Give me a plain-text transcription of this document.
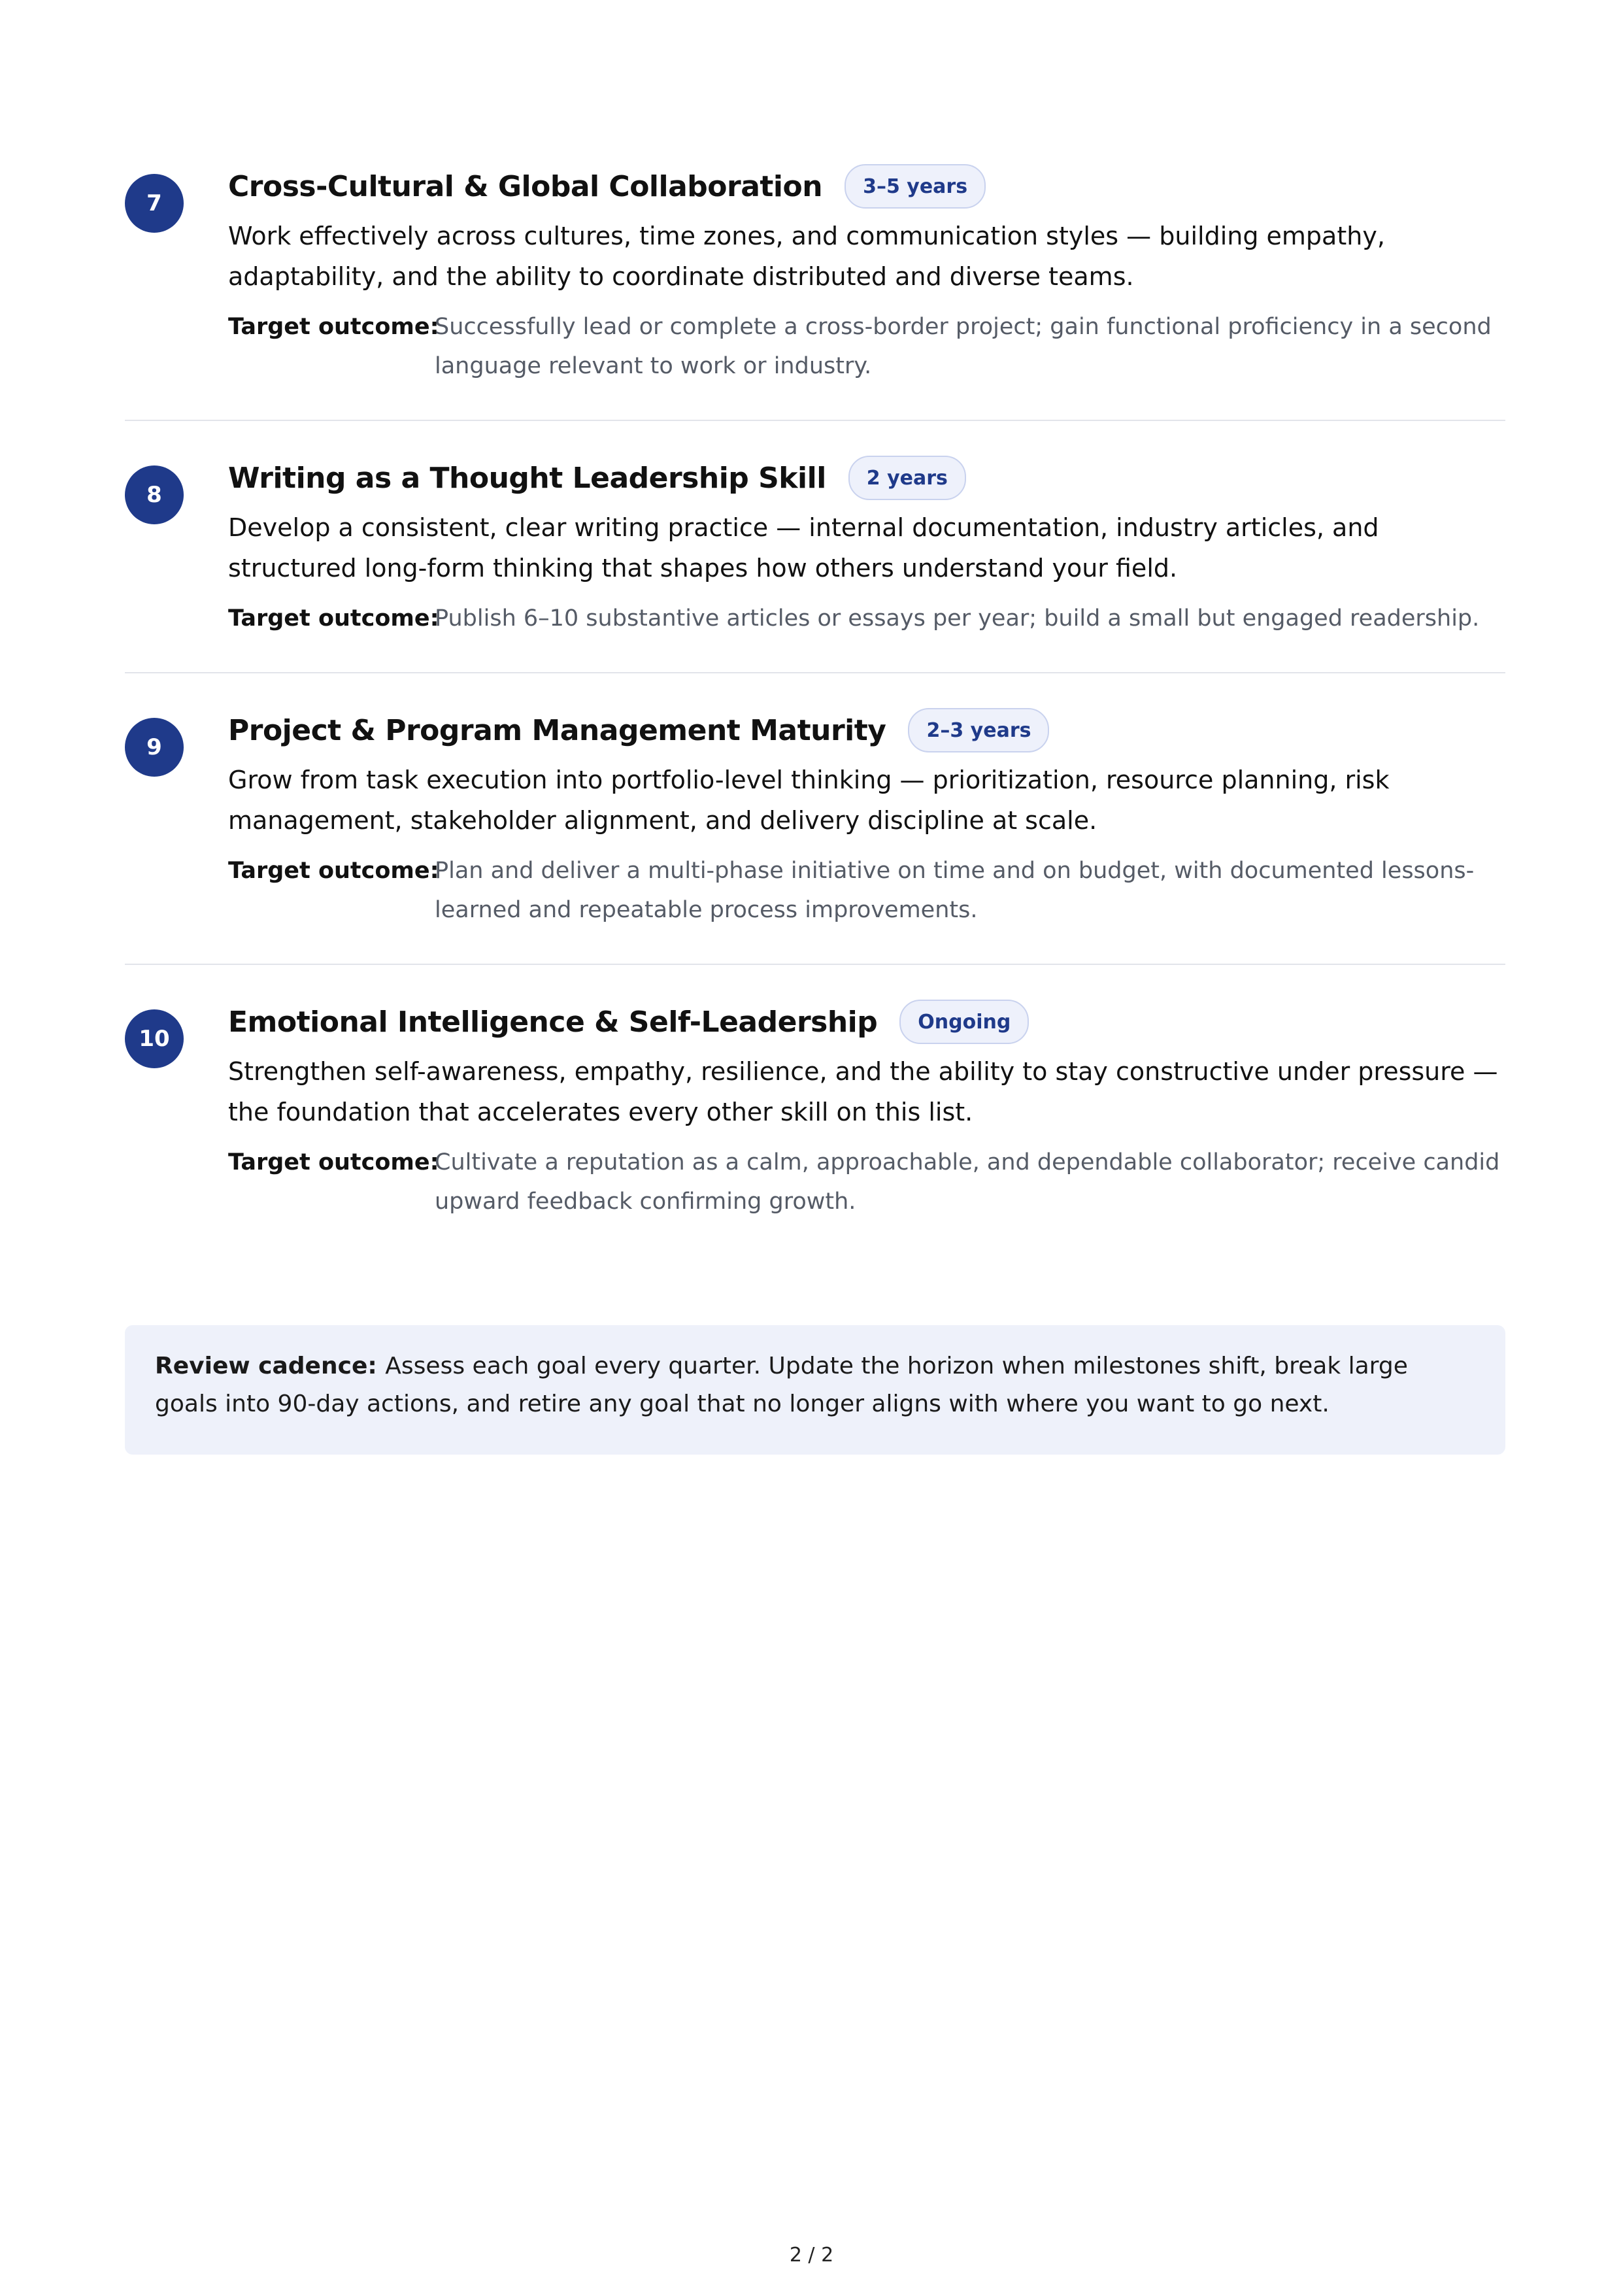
7
Cross-Cultural & Global Collaboration	3–5 years
Work effectively across cultures, time zones, and communication styles — building empathy, adaptability, and the ability to coordinate distributed and diverse teams.
Target outcome:
Successfully lead or complete a cross-border project; gain functional proficiency in a second language relevant to work or industry.
8
Writing as a Thought Leadership Skill	2 years
Develop a consistent, clear writing practice — internal documentation, industry articles, and structured long-form thinking that shapes how others understand your field.
Target outcome:
Publish 6–10 substantive articles or essays per year; build a small but engaged readership.
9
Project & Program Management Maturity	2–3 years
Grow from task execution into portfolio-level thinking — prioritization, resource planning, risk management, stakeholder alignment, and delivery discipline at scale.
Target outcome:
Plan and deliver a multi-phase initiative on time and on budget, with documented lessons-learned and repeatable process improvements.
10
Emotional Intelligence & Self-Leadership	Ongoing
Strengthen self-awareness, empathy, resilience, and the ability to stay constructive under pressure — the foundation that accelerates every other skill on this list.
Target outcome:
Cultivate a reputation as a calm, approachable, and dependable collaborator; receive candid upward feedback confirming growth.
Review cadence: Assess each goal every quarter. Update the horizon when milestones shift, break large goals into 90-day actions, and retire any goal that no longer aligns with where you want to go next.
2 / 2
